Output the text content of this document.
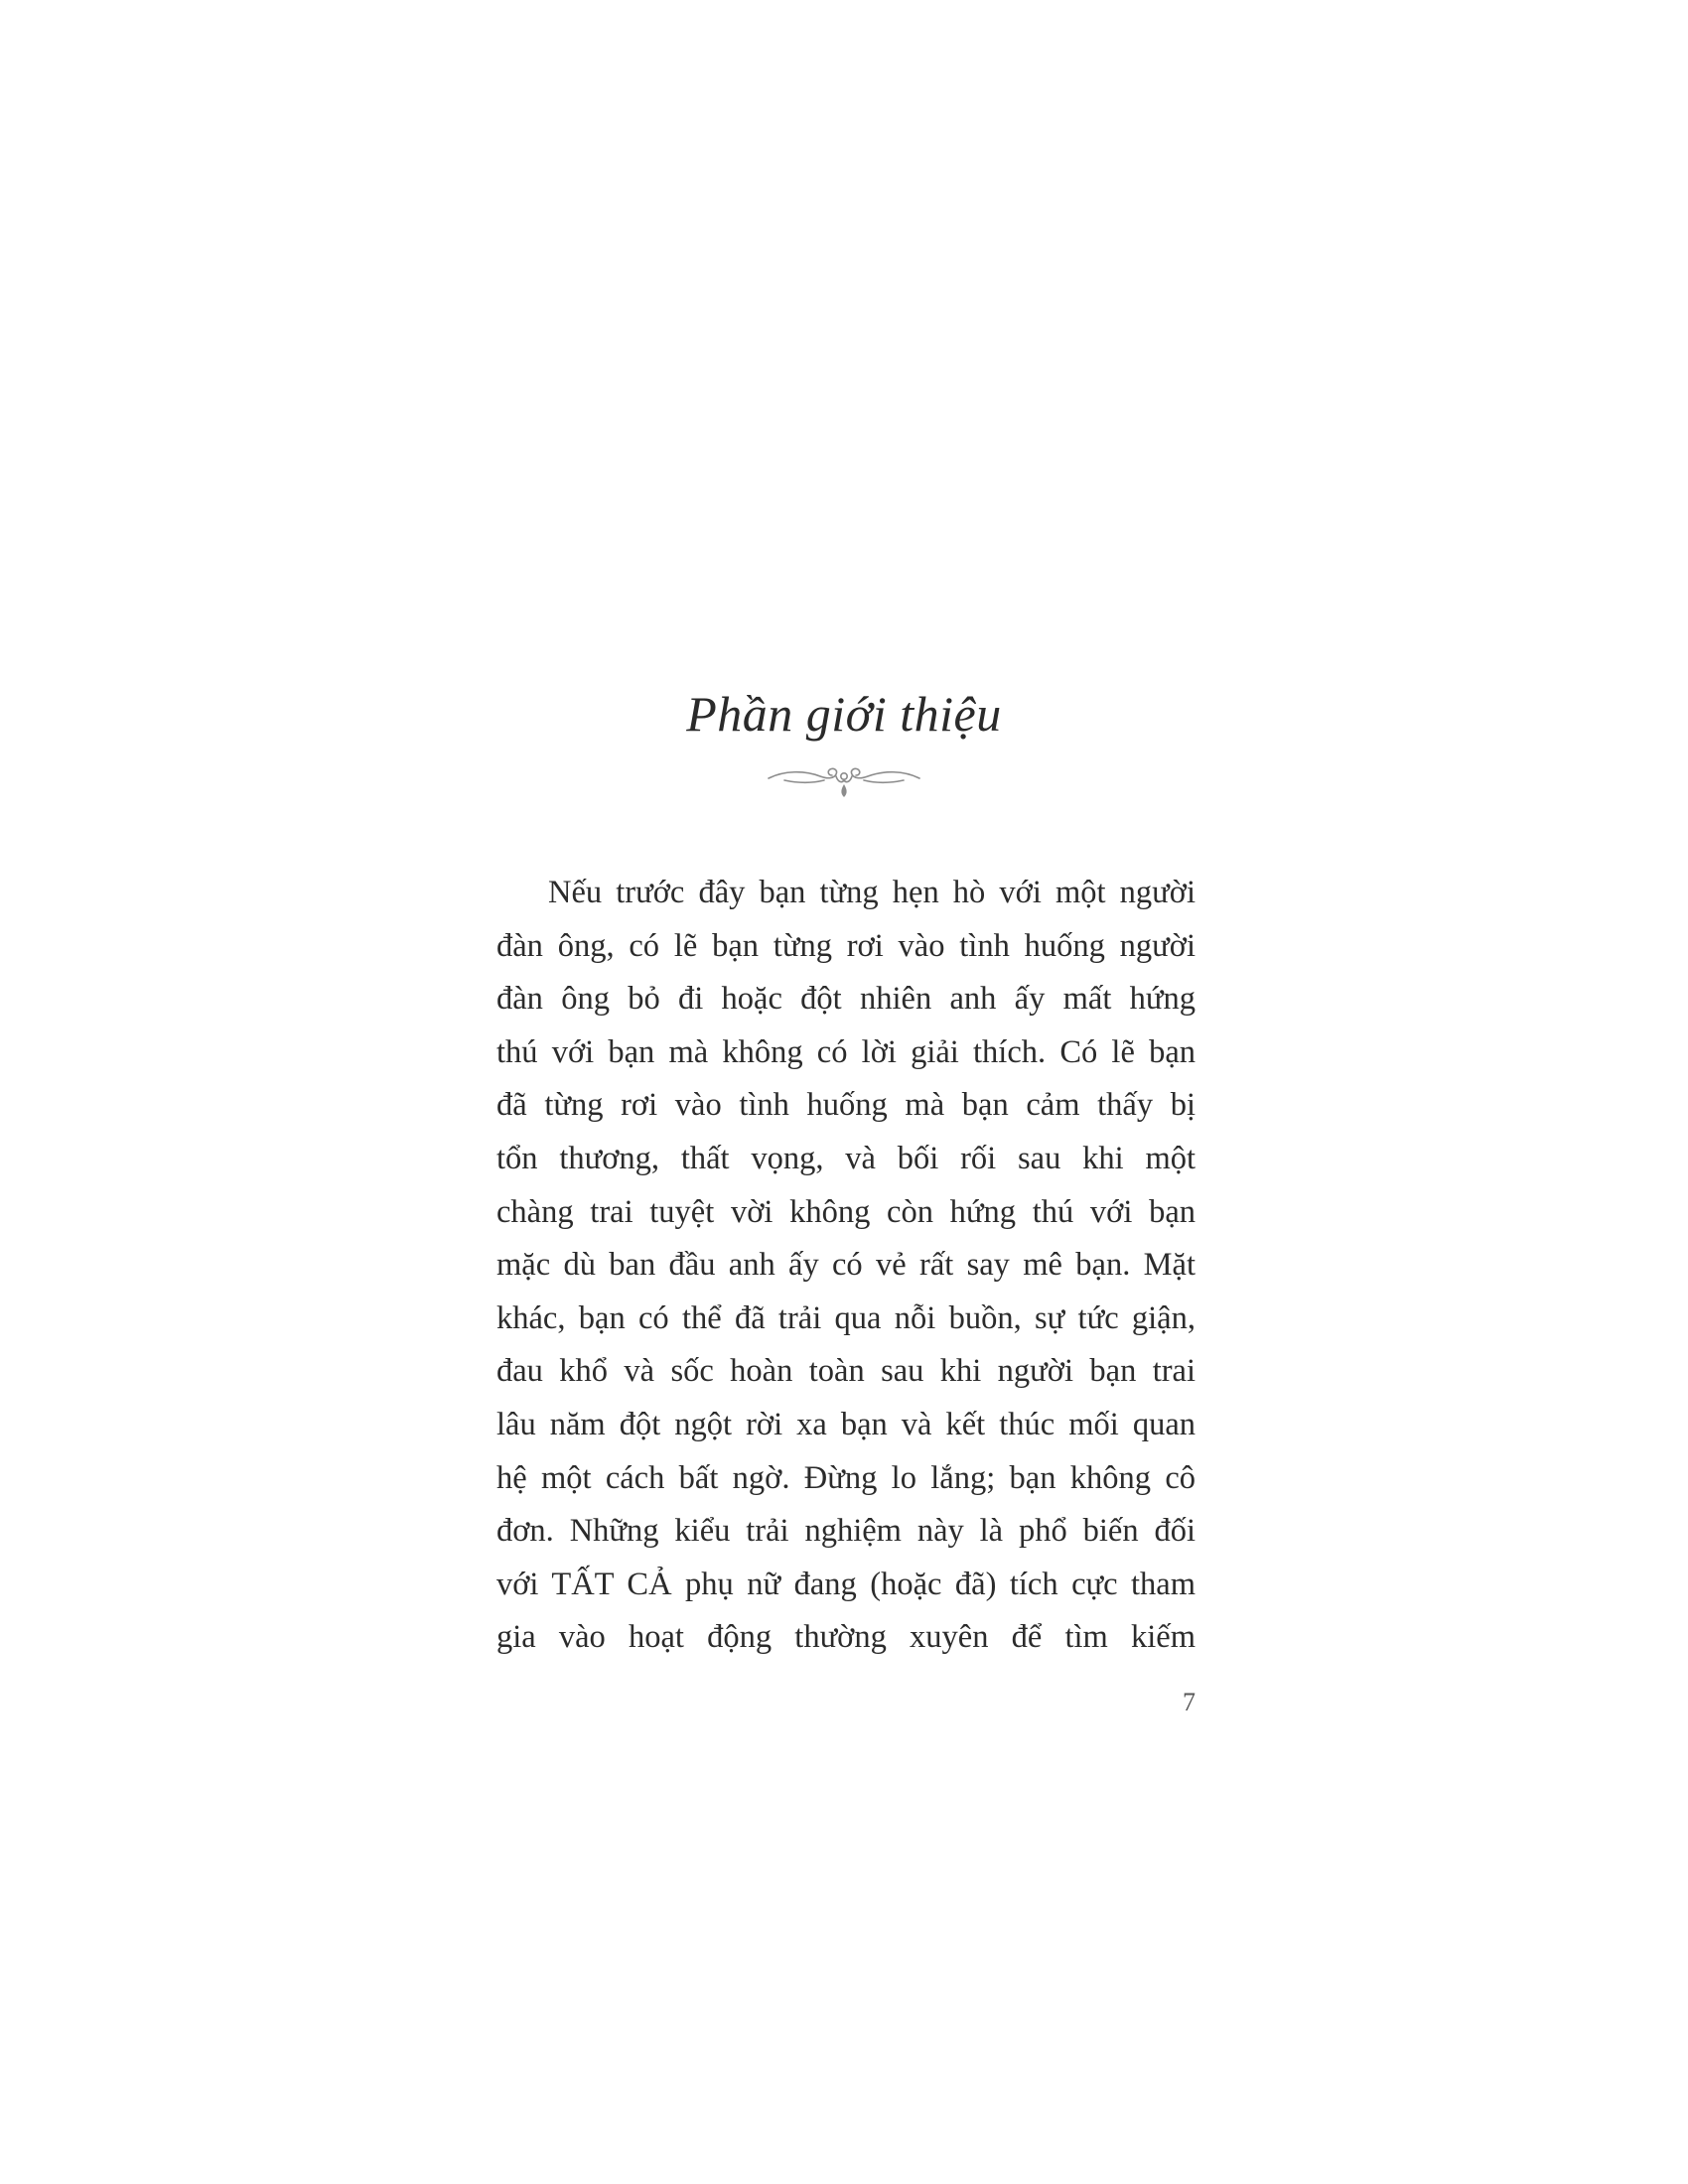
Phần giới thiệu
Nếu trước đây bạn từng hẹn hò với một người
đàn ông, có lẽ bạn từng rơi vào tình huống người
đàn ông bỏ đi hoặc đột nhiên anh ấy mất hứng
thú với bạn mà không có lời giải thích. Có lẽ bạn
đã từng rơi vào tình huống mà bạn cảm thấy bị
tổn thương, thất vọng, và bối rối sau khi một
chàng trai tuyệt vời không còn hứng thú với bạn
mặc dù ban đầu anh ấy có vẻ rất say mê bạn. Mặt
khác, bạn có thể đã trải qua nỗi buồn, sự tức giận,
đau khổ và sốc hoàn toàn sau khi người bạn trai
lâu năm đột ngột rời xa bạn và kết thúc mối quan
hệ một cách bất ngờ. Đừng lo lắng; bạn không cô
đơn. Những kiểu trải nghiệm này là phổ biến đối
với TẤT CẢ phụ nữ đang (hoặc đã) tích cực tham
gia vào hoạt động thường xuyên để tìm kiếm
7
